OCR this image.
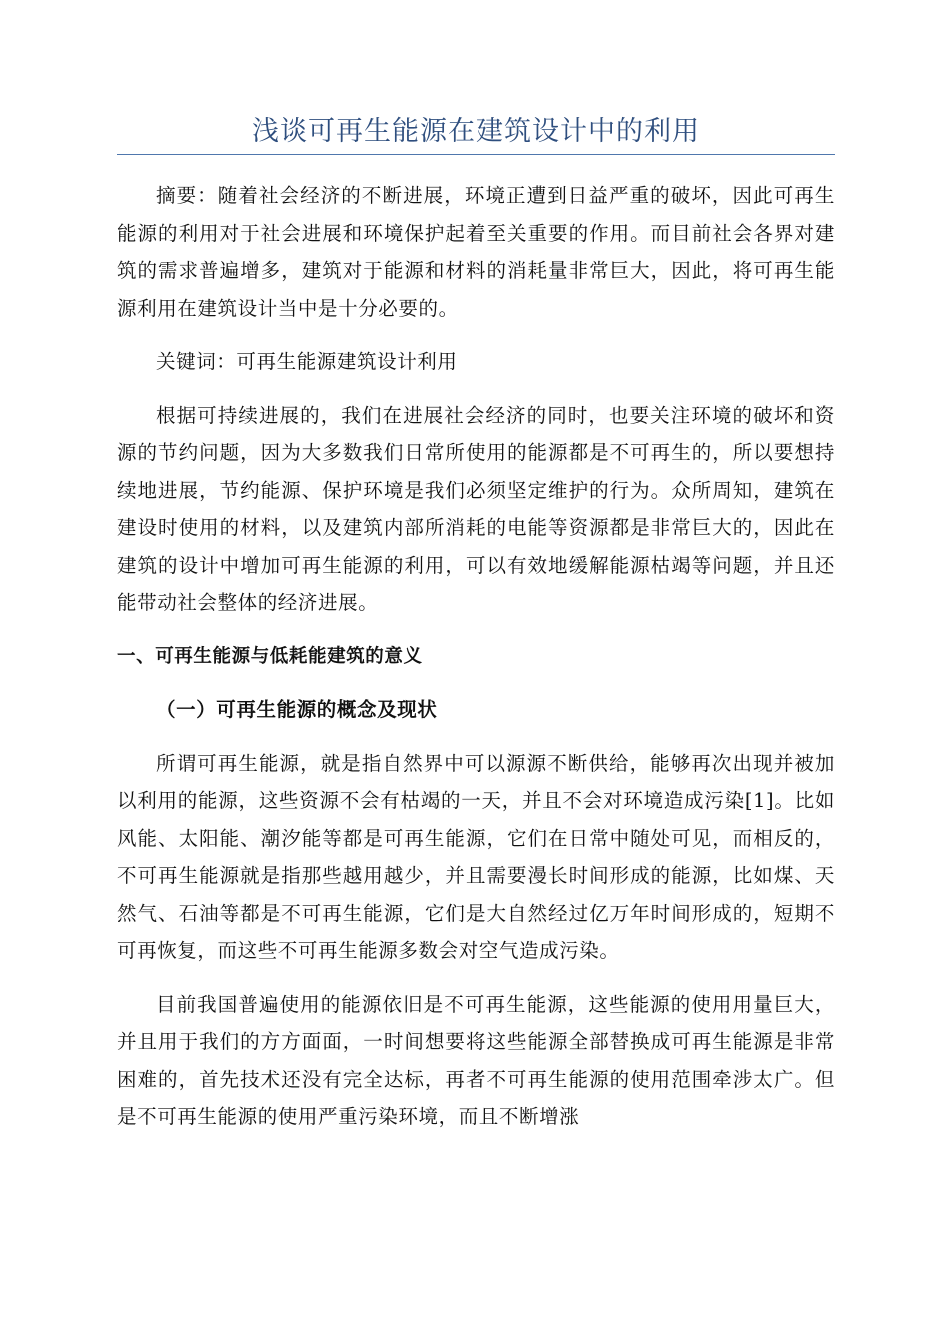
浅谈可再生能源在建筑设计中的利用

摘要：随着社会经济的不断进展，环境正遭到日益严重的破坏，因此可再生能源的利用对于社会进展和环境保护起着至关重要的作用。而目前社会各界对建筑的需求普遍增多，建筑对于能源和材料的消耗量非常巨大，因此，将可再生能源利用在建筑设计当中是十分必要的。

关键词：可再生能源建筑设计利用

根据可持续进展的，我们在进展社会经济的同时，也要关注环境的破坏和资源的节约问题，因为大多数我们日常所使用的能源都是不可再生的，所以要想持续地进展，节约能源、保护环境是我们必须坚定维护的行为。众所周知，建筑在建设时使用的材料，以及建筑内部所消耗的电能等资源都是非常巨大的，因此在建筑的设计中增加可再生能源的利用，可以有效地缓解能源枯竭等问题，并且还能带动社会整体的经济进展。

一、可再生能源与低耗能建筑的意义
（一）可再生能源的概念及现状

所谓可再生能源，就是指自然界中可以源源不断供给，能够再次出现并被加以利用的能源，这些资源不会有枯竭的一天，并且不会对环境造成污染[1]。比如风能、太阳能、潮汐能等都是可再生能源，它们在日常中随处可见，而相反的，不可再生能源就是指那些越用越少，并且需要漫长时间形成的能源，比如煤、天然气、石油等都是不可再生能源，它们是大自然经过亿万年时间形成的，短期不可再恢复，而这些不可再生能源多数会对空气造成污染。

目前我国普遍使用的能源依旧是不可再生能源，这些能源的使用用量巨大，并且用于我们的方方面面，一时间想要将这些能源全部替换成可再生能源是非常困难的，首先技术还没有完全达标，再者不可再生能源的使用范围牵涉太广。但是不可再生能源的使用严重污染环境，而且不断增涨
